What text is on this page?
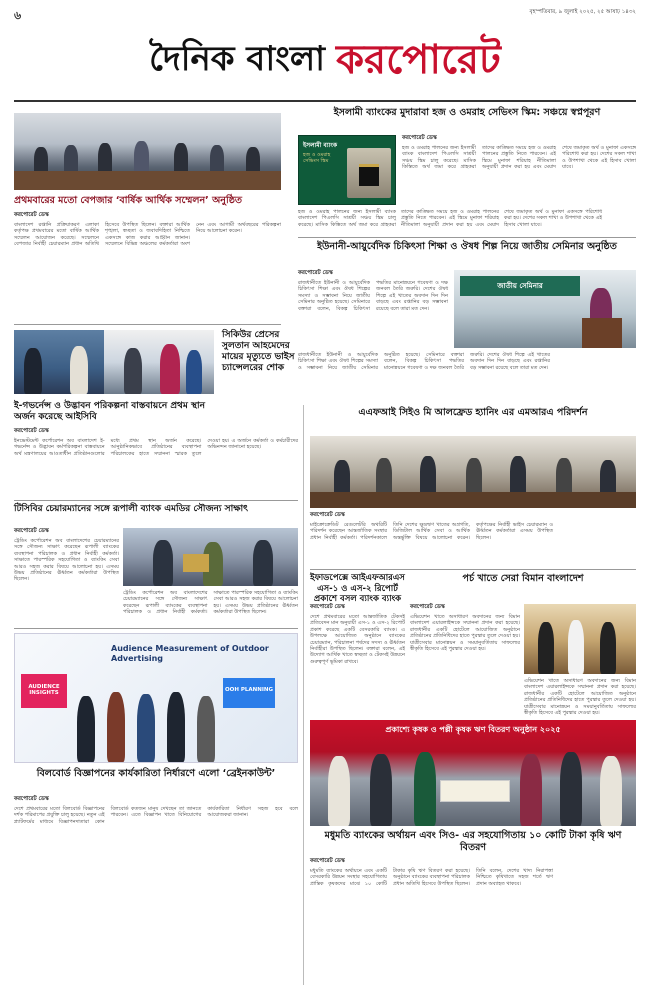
৬	বৃহস্পতিবার, ৯ জুলাই ২০২৫, ২৫ আষাঢ় ১৪৩২
দৈনিক বাংলা করপোরেট
প্রথমবারের মতো বেপজার ‘বার্ষিক আর্থিক সম্মেলন’ অনুষ্ঠিত
করপোরেট ডেস্ক
বাংলাদেশ রপ্তানি প্রক্রিয়াকরণ এলাকা কর্তৃপক্ষ প্রথমবারের মতো বার্ষিক আর্থিক সম্মেলন আয়োজন করেছে। সম্মেলনে বেপজার নির্বাহী চেয়ারম্যান প্রধান অতিথি হিসেবে উপস্থিত ছিলেন। বক্তারা আর্থিক শৃঙ্খলা, স্বচ্ছতা ও জবাবদিহিতা নিশ্চিতে একসঙ্গে কাজ করার আহ্বান জানান। সম্মেলনে বিভিন্ন অঞ্চলের কর্মকর্তারা অংশ নেন এবং আগামী অর্থবছরের পরিকল্পনা নিয়ে আলোচনা করেন।
ইসলামী ব্যাংকের মুদারাবা হজ ও ওমরাহ সেভিংস স্কিম: সঞ্চয়ে স্বপ্নপূরণ
ইসলামী ব্যাংক
হজ ও ওমরাহ সেভিংস স্কিম
করপোরেট ডেস্ক
হজ ও ওমরাহ পালনের জন্য ইসলামী ব্যাংক বাংলাদেশ পিএলসি সাশ্রয়ী সঞ্চয় স্কিম চালু করেছে। মাসিক কিস্তিতে অর্থ জমা করে গ্রাহকরা তাদের কাঙ্ক্ষিত সময়ে হজ ও ওমরাহ পালনের প্রস্তুতি নিতে পারবেন। এই স্কিমে মুনাফা শরিয়াহ নীতিমালা অনুযায়ী প্রদান করা হয় এবং মেয়াদ শেষে জমাকৃত অর্থ ও মুনাফা একসঙ্গে পরিশোধ করা হয়। দেশের সকল শাখা ও উপশাখা থেকে এই হিসাব খোলা যাবে।
হজ ও ওমরাহ পালনের জন্য ইসলামী ব্যাংক বাংলাদেশ পিএলসি সাশ্রয়ী সঞ্চয় স্কিম চালু করেছে। মাসিক কিস্তিতে অর্থ জমা করে গ্রাহকরা তাদের কাঙ্ক্ষিত সময়ে হজ ও ওমরাহ পালনের প্রস্তুতি নিতে পারবেন। এই স্কিমে মুনাফা শরিয়াহ নীতিমালা অনুযায়ী প্রদান করা হয় এবং মেয়াদ শেষে জমাকৃত অর্থ ও মুনাফা একসঙ্গে পরিশোধ করা হয়। দেশের সকল শাখা ও উপশাখা থেকে এই হিসাব খোলা যাবে।
ইউনানী-আয়ুর্বেদিক চিকিৎসা শিক্ষা ও ঔষধ শিল্প নিয়ে জাতীয় সেমিনার অনুষ্ঠিত
করপোরেট ডেস্ক
রাজধানীতে ইউনানী ও আয়ুর্বেদিক চিকিৎসা শিক্ষা এবং ঔষধ শিল্পের সমস্যা ও সম্ভাবনা নিয়ে জাতীয় সেমিনার অনুষ্ঠিত হয়েছে। সেমিনারে বক্তারা বলেন, বিকল্প চিকিৎসা পদ্ধতির মানোন্নয়নে গবেষণা ও দক্ষ জনবল তৈরি জরুরি। দেশের ঔষধ শিল্পে এই খাতের অবদান দিন দিন বাড়ছে এবং রপ্তানির বড় সম্ভাবনা রয়েছে বলে তারা মত দেন।
জাতীয় সেমিনার
রাজধানীতে ইউনানী ও আয়ুর্বেদিক চিকিৎসা শিক্ষা এবং ঔষধ শিল্পের সমস্যা ও সম্ভাবনা নিয়ে জাতীয় সেমিনার অনুষ্ঠিত হয়েছে। সেমিনারে বক্তারা বলেন, বিকল্প চিকিৎসা পদ্ধতির মানোন্নয়নে গবেষণা ও দক্ষ জনবল তৈরি জরুরি। দেশের ঔষধ শিল্পে এই খাতের অবদান দিন দিন বাড়ছে এবং রপ্তানির বড় সম্ভাবনা রয়েছে বলে তারা মত দেন।
সিকিউর প্রেসের সুলতান আহমেদের মায়ের মৃত্যুতে ভাইস চ্যান্সেলরের শোক
ই-গভর্নেন্স ও উদ্ভাবন পরিকল্পনা বাস্তবায়নে প্রথম স্থান অর্জন করেছে আইসিবি
করপোরেট ডেস্ক
ইনভেস্টমেন্ট কর্পোরেশন অব বাংলাদেশ ই-গভর্নেন্স ও উদ্ভাবন কর্মপরিকল্পনা বাস্তবায়নে অর্থ মন্ত্রণালয়ের আওতাধীন প্রতিষ্ঠানগুলোর মধ্যে প্রথম স্থান অর্জন করেছে। আনুষ্ঠানিকভাবে প্রতিষ্ঠানের ব্যবস্থাপনা পরিচালকের হাতে সম্মাননা স্মারক তুলে দেওয়া হয়। এ অর্জনে কর্মকর্তা ও কর্মচারীদের অভিনন্দন জানানো হয়েছে।
টিসিবির চেয়ারম্যানের সঙ্গে রূপালী ব্যাংক এমডির সৌজন্য সাক্ষাৎ
করপোরেট ডেস্ক
ট্রেডিং কর্পোরেশন অব বাংলাদেশের চেয়ারম্যানের সঙ্গে সৌজন্য সাক্ষাৎ করেছেন রূপালী ব্যাংকের ব্যবস্থাপনা পরিচালক ও প্রধান নির্বাহী কর্মকর্তা। সাক্ষাতে পারস্পরিক সহযোগিতা ও ব্যাংকিং সেবা আরও সহজ করার বিষয়ে আলোচনা হয়। এসময় উভয় প্রতিষ্ঠানের ঊর্ধ্বতন কর্মকর্তারা উপস্থিত ছিলেন।
ট্রেডিং কর্পোরেশন অব বাংলাদেশের চেয়ারম্যানের সঙ্গে সৌজন্য সাক্ষাৎ করেছেন রূপালী ব্যাংকের ব্যবস্থাপনা পরিচালক ও প্রধান নির্বাহী কর্মকর্তা। সাক্ষাতে পারস্পরিক সহযোগিতা ও ব্যাংকিং সেবা আরও সহজ করার বিষয়ে আলোচনা হয়। এসময় উভয় প্রতিষ্ঠানের ঊর্ধ্বতন কর্মকর্তারা উপস্থিত ছিলেন।
এএফআই সিইও মি আলফ্রেড হ্যানিং এর এমআরএ পরিদর্শন
করপোরেট ডেস্ক
মাইক্রোক্রেডিট রেগুলেটরি অথরিটি পরিদর্শন করেছেন আন্তর্জাতিক সংস্থার প্রধান নির্বাহী কর্মকর্তা। পরিদর্শনকালে তিনি দেশের ক্ষুদ্রঋণ খাতের অগ্রগতি, ডিজিটাল আর্থিক সেবা ও আর্থিক অন্তর্ভুক্তি বিষয়ে আলোচনা করেন। কর্তৃপক্ষের নির্বাহী ভাইস চেয়ারম্যান ও ঊর্ধ্বতন কর্মকর্তারা এসময় উপস্থিত ছিলেন।
ইফাডপেক্সে আইএফআরএস এস-১ ও এস-২ রিপোর্ট প্রকাশে বসল ব্যাংক ব্যাংক
পর্চ খাতে সেরা বিমান বাংলাদেশ
করপোরেট ডেস্ক
এভিয়েশন খাতে অসাধারণ অবদানের জন্য বিমান বাংলাদেশ এয়ারলাইন্সকে সম্মাননা প্রদান করা হয়েছে। রাজধানীর একটি হোটেলে আয়োজিত অনুষ্ঠানে প্রতিষ্ঠানের প্রতিনিধিদের হাতে পুরস্কার তুলে দেওয়া হয়। যাত্রীসেবার মানোন্নয়ন ও সময়ানুবর্তিতায় সাফল্যের স্বীকৃতি হিসেবে এই পুরস্কার দেওয়া হয়।
এভিয়েশন খাতে অসাধারণ অবদানের জন্য বিমান বাংলাদেশ এয়ারলাইন্সকে সম্মাননা প্রদান করা হয়েছে। রাজধানীর একটি হোটেলে আয়োজিত অনুষ্ঠানে প্রতিষ্ঠানের প্রতিনিধিদের হাতে পুরস্কার তুলে দেওয়া হয়। যাত্রীসেবার মানোন্নয়ন ও সময়ানুবর্তিতায় সাফল্যের স্বীকৃতি হিসেবে এই পুরস্কার দেওয়া হয়।
করপোরেট ডেস্ক
দেশে প্রথমবারের মতো আন্তর্জাতিক টেকসই প্রতিবেদন মান অনুযায়ী এস-১ ও এস-২ রিপোর্ট প্রকাশ করেছে একটি বেসরকারি ব্যাংক। এ উপলক্ষে আয়োজিত অনুষ্ঠানে ব্যাংকের চেয়ারম্যান, পরিচালনা পর্ষদের সদস্য ও ঊর্ধ্বতন নির্বাহীরা উপস্থিত ছিলেন। বক্তারা বলেন, এই উদ্যোগ আর্থিক খাতে স্বচ্ছতা ও টেকসই উন্নয়নে গুরুত্বপূর্ণ ভূমিকা রাখবে।
প্রকাশ্যে কৃষক ও পল্লী কৃষক ঋণ বিতরণ অনুষ্ঠান ২০২৫
মধুমতি ব্যাংকের অর্থায়ন এবং সিও- এর সহযোগিতায় ১০ কোটি টাকা কৃষি ঋণ বিতরণ
করপোরেট ডেস্ক
মধুমতি ব্যাংকের অর্থায়নে এবং একটি বেসরকারি উন্নয়ন সংস্থার সহযোগিতায় প্রান্তিক কৃষকদের মাঝে ১০ কোটি টাকার কৃষি ঋণ বিতরণ করা হয়েছে। অনুষ্ঠানে ব্যাংকের ব্যবস্থাপনা পরিচালক প্রধান অতিথি হিসেবে উপস্থিত ছিলেন। তিনি বলেন, দেশের খাদ্য নিরাপত্তা নিশ্চিতে কৃষিখাতে সহজ শর্তে ঋণ প্রদান অব্যাহত থাকবে।
Audience Measurement of Outdoor Advertising
AUDIENCE INSIGHTS	OOH PLANNING
বিলবোর্ড বিজ্ঞাপনের কার্যকারিতা নির্ধারণে এলো ‘ব্রেইনকাউন্ট’
করপোরেট ডেস্ক
দেশে প্রথমবারের মতো বিলবোর্ড বিজ্ঞাপনের দর্শক পরিমাপের প্রযুক্তি চালু হয়েছে। নতুন এই প্ল্যাটফর্মের মাধ্যমে বিজ্ঞাপনদাতারা কোন বিলবোর্ড কতজন মানুষ দেখছেন তা জানতে পারবেন। এতে বিজ্ঞাপন খাতে বিনিয়োগের কার্যকারিতা নির্ধারণ সহজ হবে বলে আয়োজকরা জানান।
